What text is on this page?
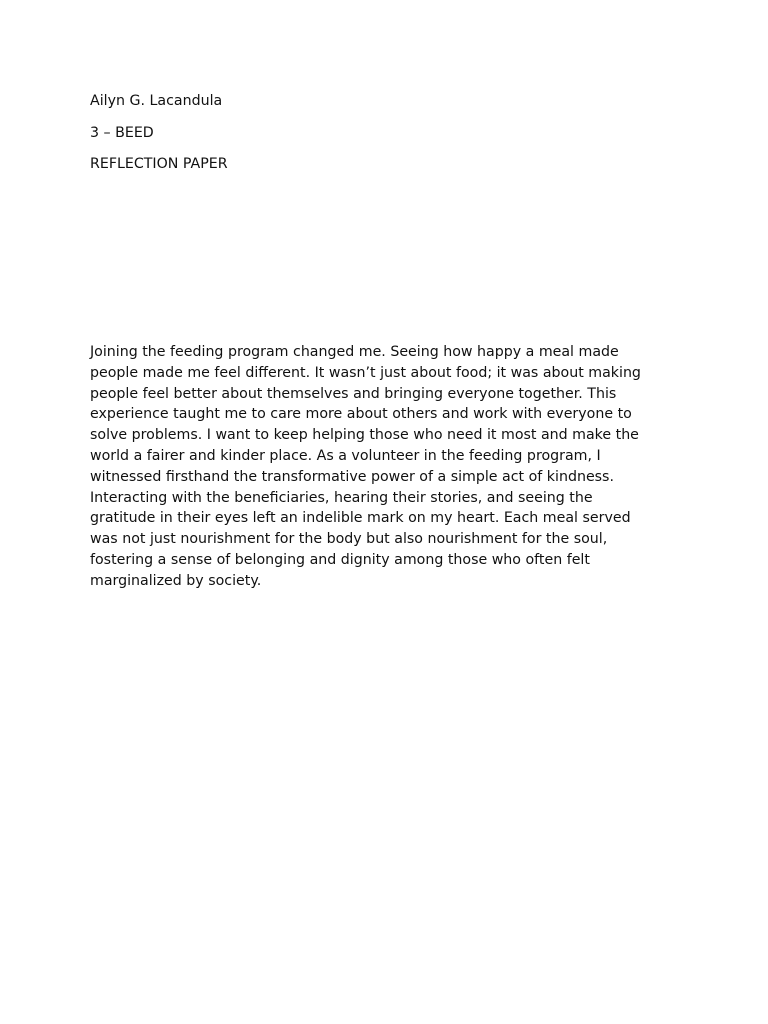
Ailyn G. Lacandula
3 – BEED
REFLECTION PAPER
Joining the feeding program changed me. Seeing how happy a meal made
people made me feel different. It wasn’t just about food; it was about making
people feel better about themselves and bringing everyone together. This
experience taught me to care more about others and work with everyone to
solve problems. I want to keep helping those who need it most and make the
world a fairer and kinder place. As a volunteer in the feeding program, I
witnessed firsthand the transformative power of a simple act of kindness.
Interacting with the beneficiaries, hearing their stories, and seeing the
gratitude in their eyes left an indelible mark on my heart. Each meal served
was not just nourishment for the body but also nourishment for the soul,
fostering a sense of belonging and dignity among those who often felt
marginalized by society.
